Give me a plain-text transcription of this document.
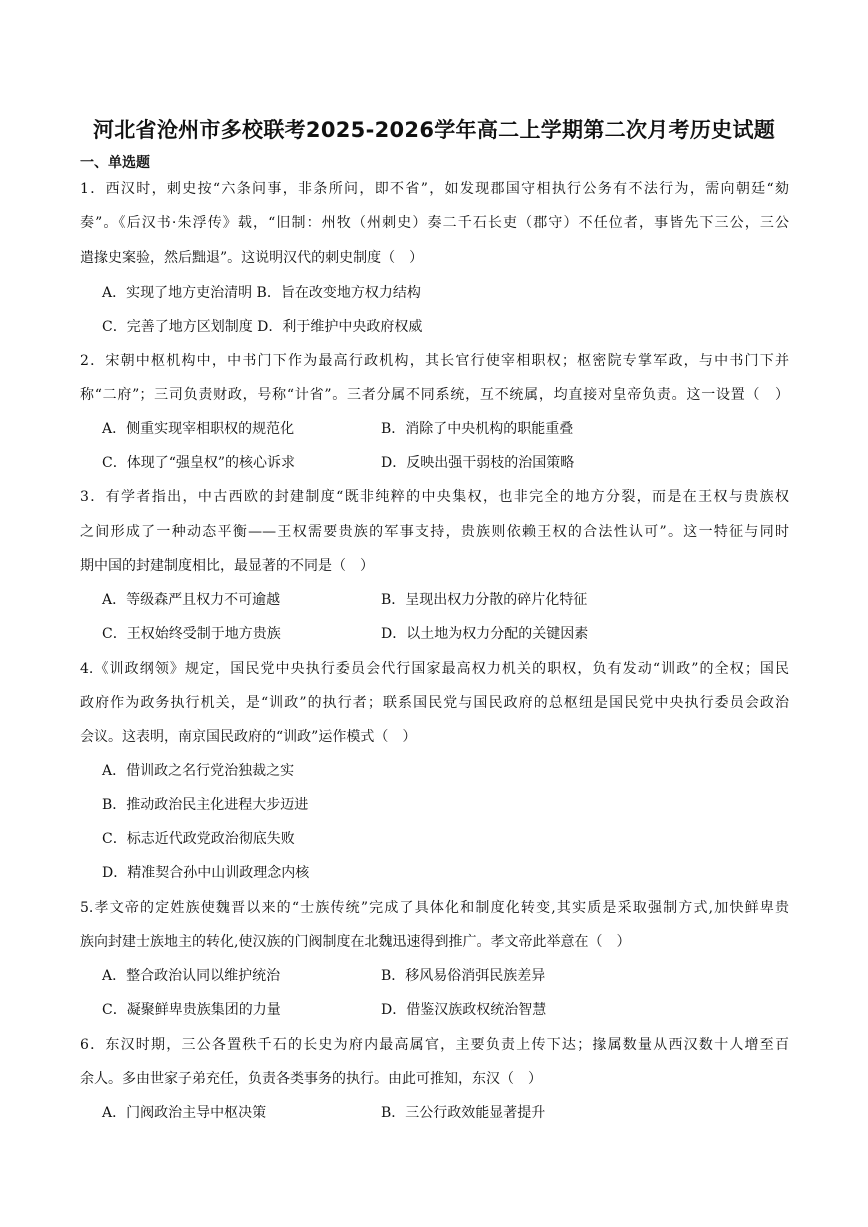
河北省沧州市多校联考2025-2026学年高二上学期第二次月考历史试题
一、单选题
1．西汉时，刺史按“六条问事，非条所问，即不省”，如发现郡国守相执行公务有不法行为，需向朝廷“劾
奏”。《后汉书·朱浮传》载，“旧制：州牧（州刺史）奏二千石长吏（郡守）不任位者，事皆先下三公，三公
遣掾史案验，然后黜退”。这说明汉代的刺史制度（　）
A．实现了地方吏治清明 B．旨在改变地方权力结构
C．完善了地方区划制度 D．利于维护中央政府权威
2．宋朝中枢机构中，中书门下作为最高行政机构，其长官行使宰相职权；枢密院专掌军政，与中书门下并
称“二府”；三司负责财政，号称“计省”。三者分属不同系统，互不统属，均直接对皇帝负责。这一设置（　）
A．侧重实现宰相职权的规范化	B．消除了中央机构的职能重叠
C．体现了“强皇权”的核心诉求	D．反映出强干弱枝的治国策略
3．有学者指出，中古西欧的封建制度“既非纯粹的中央集权，也非完全的地方分裂，而是在王权与贵族权
之间形成了一种动态平衡——王权需要贵族的军事支持，贵族则依赖王权的合法性认可”。这一特征与同时
期中国的封建制度相比，最显著的不同是（　）
A．等级森严且权力不可逾越	B．呈现出权力分散的碎片化特征
C．王权始终受制于地方贵族	D．以土地为权力分配的关键因素
4.《训政纲领》规定，国民党中央执行委员会代行国家最高权力机关的职权，负有发动“训政”的全权；国民
政府作为政务执行机关，是“训政”的执行者；联系国民党与国民政府的总枢纽是国民党中央执行委员会政治
会议。这表明，南京国民政府的“训政”运作模式（　）
A．借训政之名行党治独裁之实
B．推动政治民主化进程大步迈进
C．标志近代政党政治彻底失败
D．精准契合孙中山训政理念内核
5.孝文帝的定姓族使魏晋以来的“士族传统”完成了具体化和制度化转变,其实质是采取强制方式,加快鲜卑贵
族向封建士族地主的转化,使汉族的门阀制度在北魏迅速得到推广。孝文帝此举意在（　）
A．整合政治认同以维护统治	B．移风易俗消弭民族差异
C．凝聚鲜卑贵族集团的力量	D．借鉴汉族政权统治智慧
6．东汉时期，三公各置秩千石的长史为府内最高属官，主要负责上传下达；掾属数量从西汉数十人增至百
余人。多由世家子弟充任，负责各类事务的执行。由此可推知，东汉（　）
A．门阀政治主导中枢决策	B．三公行政效能显著提升
